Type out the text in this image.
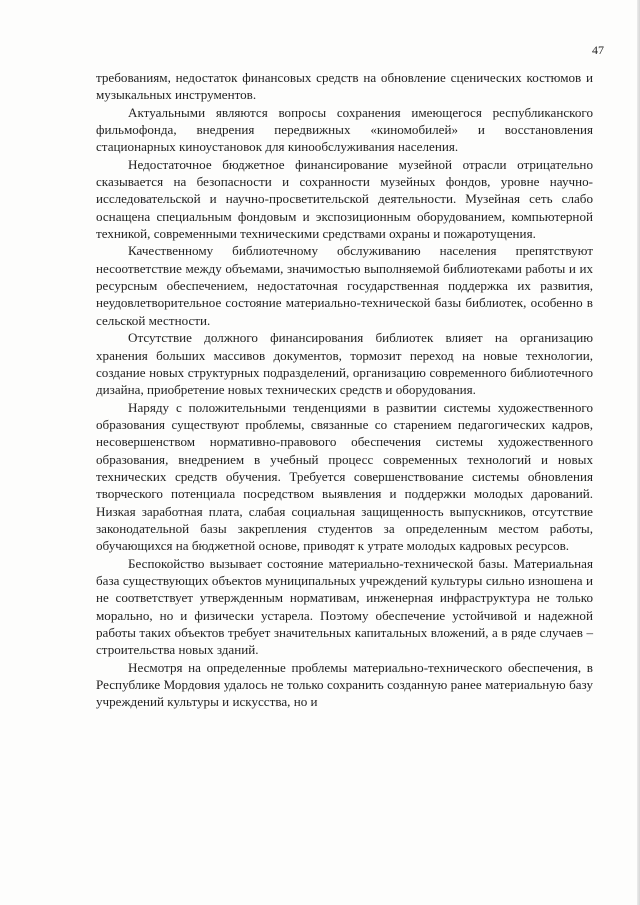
47

требованиям, недостаток финансовых средств на обновление сценических костюмов и музыкальных инструментов.

Актуальными являются вопросы сохранения имеющегося республиканского фильмофонда, внедрения передвижных «киномобилей» и восстановления стационарных киноустановок для кинообслуживания населения.

Недостаточное бюджетное финансирование музейной отрасли отрицательно сказывается на безопасности и сохранности музейных фондов, уровне научно-исследовательской и научно-просветительской деятельности. Музейная сеть слабо оснащена специальным фондовым и экспозиционным оборудованием, компьютерной техникой, современными техническими средствами охраны и пожаротущения.

Качественному библиотечному обслуживанию населения препятствуют несоответствие между объемами, значимостью выполняемой библиотеками работы и их ресурсным обеспечением, недостаточная государственная поддержка их развития, неудовлетворительное состояние материально-технической базы библиотек, особенно в сельской местности.

Отсутствие должного финансирования библиотек влияет на организацию хранения больших массивов документов, тормозит переход на новые технологии, создание новых структурных подразделений, организацию современного библиотечного дизайна, приобретение новых технических средств и оборудования.

Наряду с положительными тенденциями в развитии системы художественного образования существуют проблемы, связанные со старением педагогических кадров, несовершенством нормативно-правового обеспечения системы художественного образования, внедрением в учебный процесс современных технологий и новых технических средств обучения. Требуется совершенствование системы обновления творческого потенциала посредством выявления и поддержки молодых дарований. Низкая заработная плата, слабая социальная защищенность выпускников, отсутствие законодательной базы закрепления студентов за определенным местом работы, обучающихся на бюджетной основе, приводят к утрате молодых кадровых ресурсов.

Беспокойство вызывает состояние материально-технической базы. Материальная база существующих объектов муниципальных учреждений культуры сильно изношена и не соответствует утвержденным нормативам, инженерная инфраструктура не только морально, но и физически устарела. Поэтому обеспечение устойчивой и надежной работы таких объектов требует значительных капитальных вложений, а в ряде случаев – строительства новых зданий.

Несмотря на определенные проблемы материально-технического обеспечения, в Республике Мордовия удалось не только сохранить созданную ранее материальную базу учреждений культуры и искусства, но и
